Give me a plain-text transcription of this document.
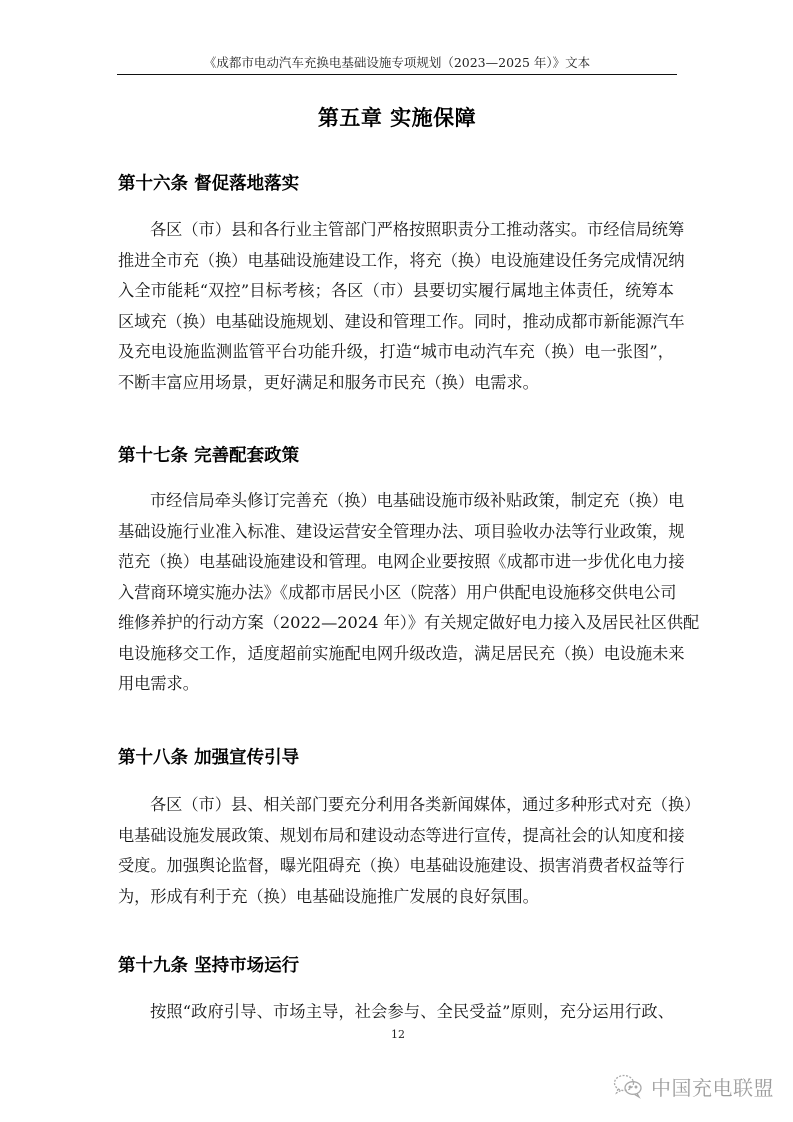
《成都市电动汽车充换电基础设施专项规划（2023—2025 年）》文本
第五章 实施保障
第十六条 督促落地落实
各区（市）县和各行业主管部门严格按照职责分工推动落实。市经信局统筹
推进全市充（换）电基础设施建设工作，将充（换）电设施建设任务完成情况纳
入全市能耗“双控”目标考核；各区（市）县要切实履行属地主体责任，统筹本
区域充（换）电基础设施规划、建设和管理工作。同时，推动成都市新能源汽车
及充电设施监测监管平台功能升级，打造“城市电动汽车充（换）电一张图”，
不断丰富应用场景，更好满足和服务市民充（换）电需求。
第十七条 完善配套政策
市经信局牵头修订完善充（换）电基础设施市级补贴政策，制定充（换）电
基础设施行业准入标准、建设运营安全管理办法、项目验收办法等行业政策，规
范充（换）电基础设施建设和管理。电网企业要按照《成都市进一步优化电力接
入营商环境实施办法》《成都市居民小区（院落）用户供配电设施移交供电公司
维修养护的行动方案（2022—2024 年）》有关规定做好电力接入及居民社区供配
电设施移交工作，适度超前实施配电网升级改造，满足居民充（换）电设施未来
用电需求。
第十八条 加强宣传引导
各区（市）县、相关部门要充分利用各类新闻媒体，通过多种形式对充（换）
电基础设施发展政策、规划布局和建设动态等进行宣传，提高社会的认知度和接
受度。加强舆论监督，曝光阻碍充（换）电基础设施建设、损害消费者权益等行
为，形成有利于充（换）电基础设施推广发展的良好氛围。
第十九条 坚持市场运行
按照“政府引导、市场主导，社会参与、全民受益”原则，充分运用行政、
12
中国充电联盟
